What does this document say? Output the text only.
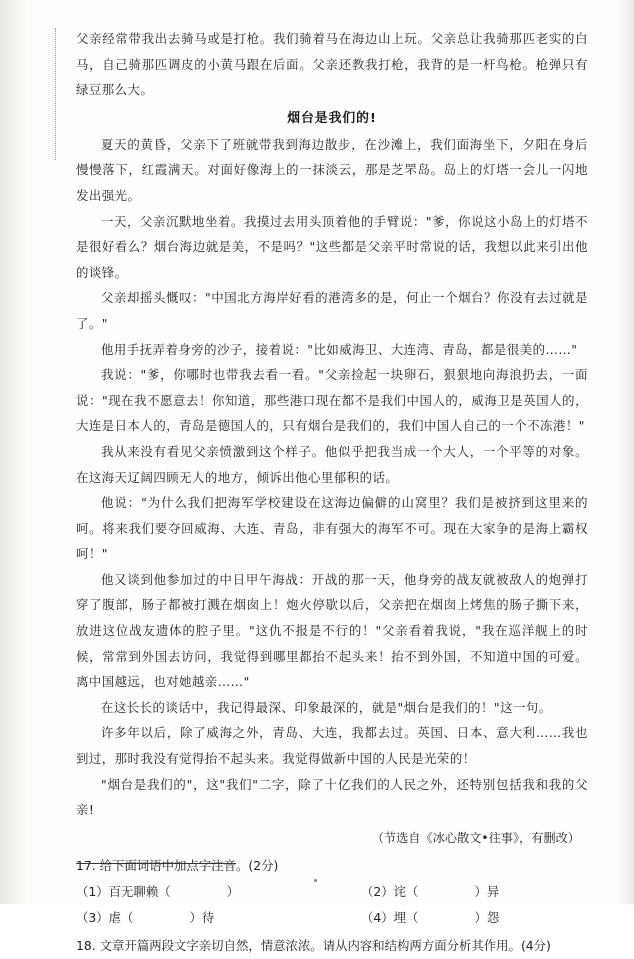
父亲经常带我出去骑马或是打枪。我们骑着马在海边山上玩。父亲总让我骑那匹老实的白马，自己骑那匹调皮的小黄马跟在后面。父亲还教我打枪，我背的是一杆鸟枪。枪弹只有绿豆那么大。

烟台是我们的!

夏天的黄昏，父亲下了班就带我到海边散步，在沙滩上，我们面海坐下，夕阳在身后慢慢落下，红霞满天。对面好像海上的一抹淡云，那是芝罘岛。岛上的灯塔一会儿一闪地发出强光。

一天，父亲沉默地坐着。我摸过去用头顶着他的手臂说："爹，你说这小岛上的灯塔不是很好看么？烟台海边就是美，不是吗？"这些都是父亲平时常说的话，我想以此来引出他的谈锋。

父亲却摇头慨叹："中国北方海岸好看的港湾多的是，何止一个烟台？你没有去过就是了。"

他用手抚弄着身旁的沙子，接着说："比如威海卫、大连湾、青岛，都是很美的……"

我说："爹，你哪时也带我去看一看。"父亲捡起一块卵石，狠狠地向海浪扔去，一面说："现在我不愿意去！你知道，那些港口现在都不是我们中国人的，威海卫是英国人的，大连是日本人的，青岛是德国人的，只有烟台是我们的，我们中国人自己的一个不冻港！"

我从来没有看见父亲愤激到这个样子。他似乎把我当成一个大人，一个平等的对象。在这海天辽阔四顾无人的地方，倾诉出他心里郁积的话。

他说："为什么我们把海军学校建设在这海边偏僻的山窝里？我们是被挤到这里来的呵。将来我们要夺回威海、大连、青岛，非有强大的海军不可。现在大家争的是海上霸权呵！"

他又谈到他参加过的中日甲午海战：开战的那一天，他身旁的战友就被敌人的炮弹打穿了腹部，肠子都被打溅在烟囱上！炮火停歇以后，父亲把在烟囱上烤焦的肠子撕下来，放进这位战友遗体的腔子里。"这仇不报是不行的！"父亲看着我说，"我在巡洋舰上的时候，常常到外国去访问，我觉得到哪里都抬不起头来！抬不到外国，不知道中国的可爱。离中国越远，也对她越亲……"

在这长长的谈话中，我记得最深、印象最深的，就是"烟台是我们的！"这一句。

许多年以后，除了威海之外，青岛、大连，我都去过。英国、日本、意大利……我也到过，那时我没有觉得抬不起头来。我觉得做新中国的人民是光荣的！

"烟台是我们的"，这"我们"二字，除了十亿我们的人民之外，还特别包括我和我的父亲!

（节选自《冰心散文•往事》，有删改）
17. 给下面词语中加点字注音。(2分)
（1）百无聊赖（	）	（2）诧（	）异
（3）虐（	）待	（4）埋（	）怨
18. 文章开篇两段文字亲切自然，情意浓浓。请从内容和结构两方面分析其作用。(4分)
